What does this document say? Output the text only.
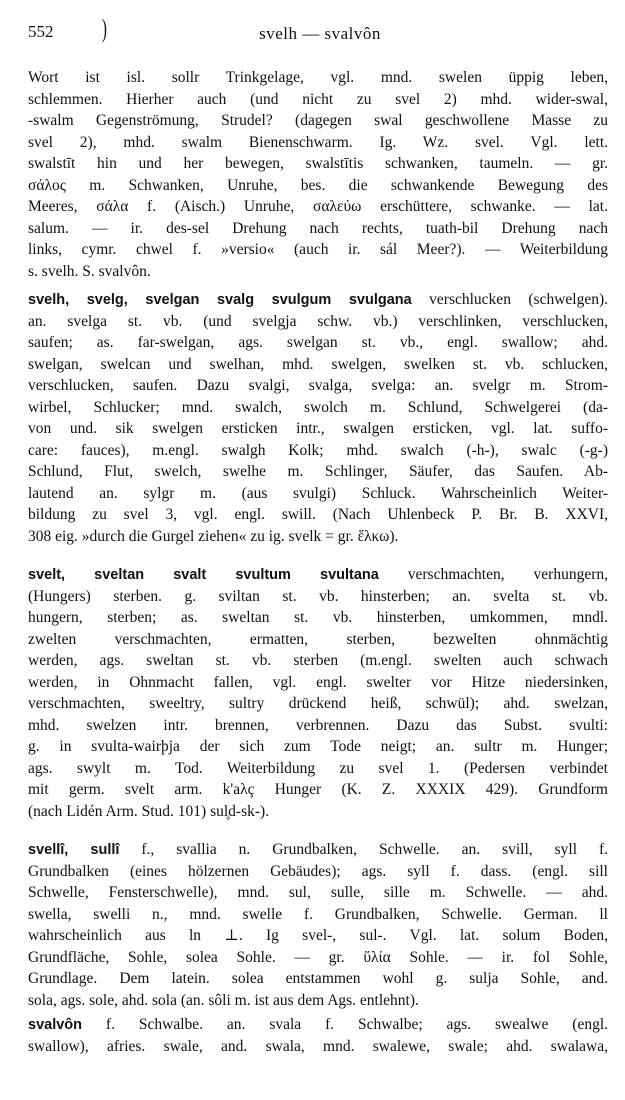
552 )	svelh — svalvôn
Wort ist isl. sollr Trinkgelage, vgl. mnd. swelen üppig leben,
schlemmen. Hierher auch (und nicht zu svel 2) mhd. wider-swal,
-swalm Gegenströmung, Strudel? (dagegen swal geschwollene Masse zu
svel 2), mhd. swalm Bienenschwarm. Ig. Wz. svel. Vgl. lett.
swalstīt hin und her bewegen, swalstītis schwanken, taumeln. — gr.
σάλος m. Schwanken, Unruhe, bes. die schwankende Bewegung des
Meeres, σάλα f. (Aisch.) Unruhe, σαλεύω erschüttere, schwanke. — lat.
salum. — ir. des-sel Drehung nach rechts, tuath-bil Drehung nach
links, cymr. chwel f. »versio« (auch ir. sál Meer?). — Weiterbildung
s. svelh. S. svalvôn.
svelh, svelg, svelgan svalg svulgum svulgana verschlucken (schwelgen).
an. svelga st. vb. (und svelgja schw. vb.) verschlinken, verschlucken,
saufen; as. far-swelgan, ags. swelgan st. vb., engl. swallow; ahd.
swelgan, swelcan und swelhan, mhd. swelgen, swelken st. vb. schlucken,
verschlucken, saufen. Dazu svalgi, svalga, svelga: an. svelgr m. Strom-
wirbel, Schlucker; mnd. swalch, swolch m. Schlund, Schwelgerei (da-
von und. sik swelgen ersticken intr., swalgen ersticken, vgl. lat. suffo-
care: fauces), m.engl. swalgh Kolk; mhd. swalch (-h-), swalc (-g-)
Schlund, Flut, swelch, swelhe m. Schlinger, Säufer, das Saufen. Ab-
lautend an. sylgr m. (aus svulgi) Schluck. Wahrscheinlich Weiter-
bildung zu svel 3, vgl. engl. swill. (Nach Uhlenbeck P. Br. B. XXVI,
308 eig. »durch die Gurgel ziehen« zu ig. svelk = gr. ἕλκω).
svelt, sveltan svalt svultum svultana verschmachten, verhungern,
(Hungers) sterben. g. sviltan st. vb. hinsterben; an. svelta st. vb.
hungern, sterben; as. sweltan st. vb. hinsterben, umkommen, mndl.
zwelten verschmachten, ermatten, sterben, bezwelten ohnmächtig
werden, ags. sweltan st. vb. sterben (m.engl. swelten auch schwach
werden, in Ohnmacht fallen, vgl. engl. swelter vor Hitze niedersinken,
verschmachten, sweeltry, sultry drückend heiß, schwül); ahd. swelzan,
mhd. swelzen intr. brennen, verbrennen. Dazu das Subst. svulti:
g. in svulta-wairþja der sich zum Tode neigt; an. sultr m. Hunger;
ags. swylt m. Tod. Weiterbildung zu svel 1. (Pedersen verbindet
mit germ. svelt arm. k'aλç Hunger (K. Z. XXXIX 429). Grundform
(nach Lidén Arm. Stud. 101) sul̥d-sk-).
svellî, sullî f., svallia n. Grundbalken, Schwelle. an. svill, syll f.
Grundbalken (eines hölzernen Gebäudes); ags. syll f. dass. (engl. sill
Schwelle, Fensterschwelle), mnd. sul, sulle, sille m. Schwelle. — ahd.
swella, swelli n., mnd. swelle f. Grundbalken, Schwelle. German. ll
wahrscheinlich aus ln ⊥. Ig svel-, sul-. Vgl. lat. solum Boden,
Grundfläche, Sohle, solea Sohle. — gr. ὕλία Sohle. — ir. fol Sohle,
Grundlage. Dem latein. solea entstammen wohl g. sulja Sohle, and.
sola, ags. sole, ahd. sola (an. sôli m. ist aus dem Ags. entlehnt).
svalvôn f. Schwalbe. an. svala f. Schwalbe; ags. swealwe (engl.
swallow), afries. swale, and. swala, mnd. swalewe, swale; ahd. swalawa,
